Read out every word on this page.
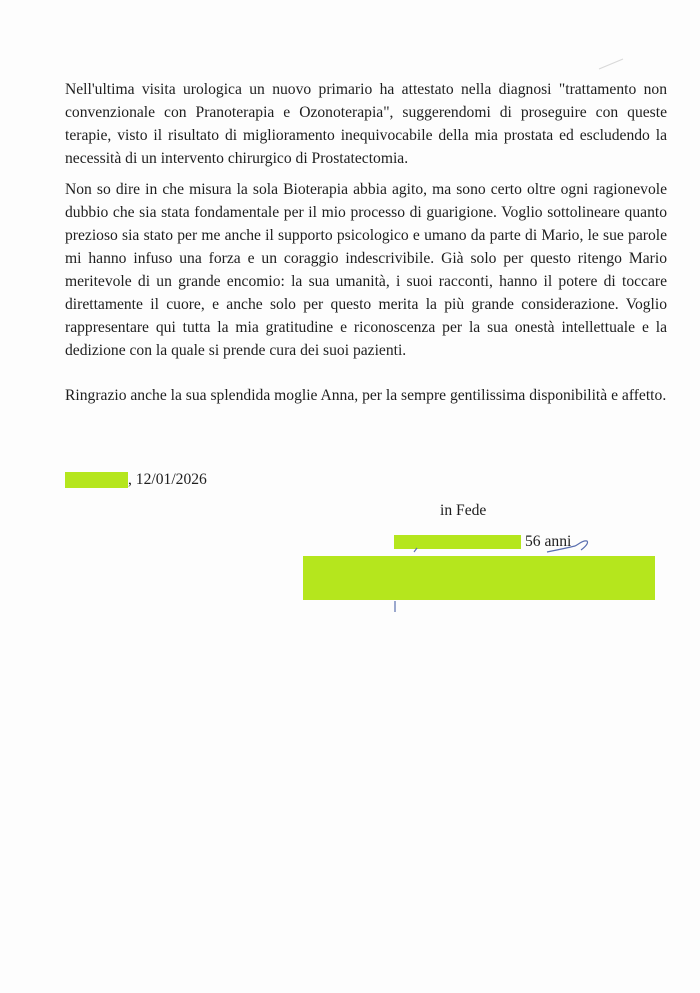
Nell'ultima visita urologica un nuovo primario ha attestato nella diagnosi "trattamento non convenzionale con Pranoterapia e Ozonoterapia", suggerendomi di proseguire con queste terapie, visto il risultato di miglioramento inequivocabile della mia prostata ed escludendo la necessità di un intervento chirurgico di Prostatectomia.

Non so dire in che misura la sola Bioterapia abbia agito, ma sono certo oltre ogni ragionevole dubbio che sia stata fondamentale per il mio processo di guarigione. Voglio sottolineare quanto prezioso sia stato per me anche il supporto psicologico e umano da parte di Mario, le sue parole mi hanno infuso una forza e un coraggio indescrivibile. Già solo per questo ritengo Mario meritevole di un grande encomio: la sua umanità, i suoi racconti, hanno il potere di toccare direttamente il cuore, e anche solo per questo merita la più grande considerazione. Voglio rappresentare qui tutta la mia gratitudine e riconoscenza per la sua onestà intellettuale e la dedizione con la quale si prende cura dei suoi pazienti.

Ringrazio anche la sua splendida moglie Anna, per la sempre gentilissima disponibilità e affetto.

, 12/01/2026
in Fede
56 anni
